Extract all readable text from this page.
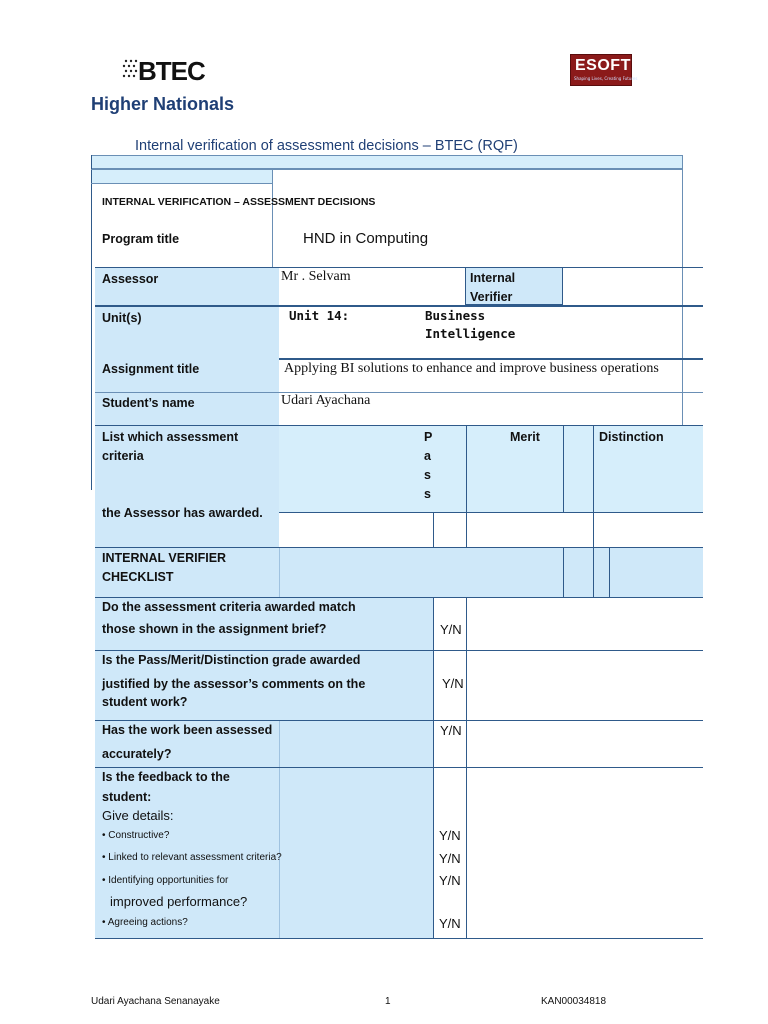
BTEC	ESOFT
Shaping Lives, Creating Futures
Higher Nationals
Internal verification of assessment decisions – BTEC (RQF)
INTERNAL VERIFICATION – ASSESSMENT DECISIONS
Program title	HND in Computing
Assessor	Mr . Selvam	Internal Verifier
Unit(s)	Unit 14:	Business
Intelligence
Assignment title	Applying BI solutions to enhance and improve business operations
Student’s name	Udari Ayachana
List which assessment
criteria
the Assessor has awarded.
P
a
s
s
Merit	Distinction
INTERNAL VERIFIER
CHECKLIST
Do the assessment criteria awarded match
those shown in the assignment brief?	Y/N
Is the Pass/Merit/Distinction grade awarded
justified by the assessor’s comments on the
student work?
Y/N
Has the work been assessed
accurately?
Y/N
Is the feedback to the
student:
Give details:
• Constructive?	Y/N
• Linked to relevant assessment criteria?	Y/N
• Identifying opportunities for	Y/N
improved performance?
• Agreeing actions?	Y/N
Udari Ayachana Senanayake	1	KAN00034818
